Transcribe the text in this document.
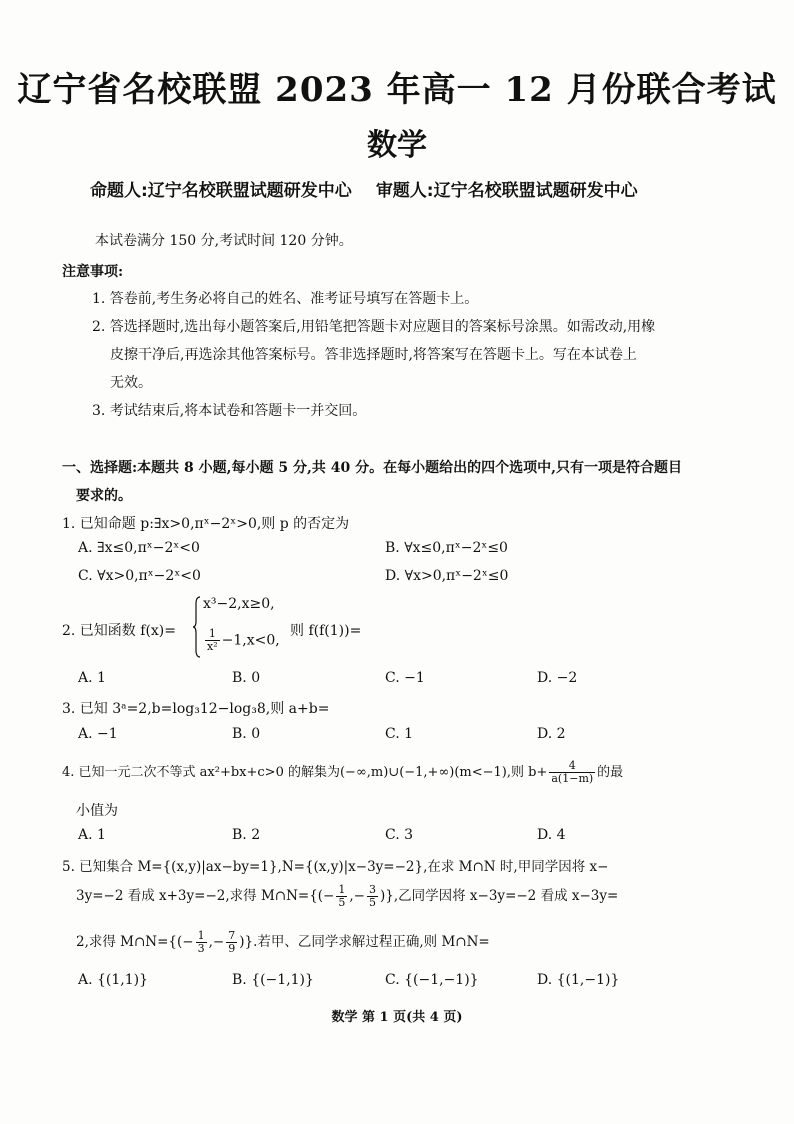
辽宁省名校联盟 2023 年高一 12 月份联合考试
数学
命题人:辽宁名校联盟试题研发中心 审题人:辽宁名校联盟试题研发中心
本试卷满分 150 分,考试时间 120 分钟。
注意事项:
1. 答卷前,考生务必将自己的姓名、准考证号填写在答题卡上。
2. 答选择题时,选出每小题答案后,用铅笔把答题卡对应题目的答案标号涂黑。如需改动,用橡
皮擦干净后,再选涂其他答案标号。答非选择题时,将答案写在答题卡上。写在本试卷上
无效。
3. 考试结束后,将本试卷和答题卡一并交回。
一、选择题:本题共 8 小题,每小题 5 分,共 40 分。在每小题给出的四个选项中,只有一项是符合题目
要求的。
1. 已知命题 p:∃x>0,πˣ−2ˣ>0,则 p 的否定为
A. ∃x≤0,πˣ−2ˣ<0	B. ∀x≤0,πˣ−2ˣ≤0
C. ∀x>0,πˣ−2ˣ<0	D. ∀x>0,πˣ−2ˣ≤0
2. 已知函数 f(x)=
x³−2,x≥0,
$\frac{1}{\text{x²}} -1,x<0$,
则 f(f(1))=
A. 1	B. 0	C. −1	D. −2
3. 已知 3ᵃ=2,b=log₃12−log₃8,则 a+b=
A. −1	B. 0	C. 1	D. 2
4. 已知一元二次不等式 ax²+bx+c>0 的解集为(−∞,m)∪(−1,+∞)(m<−1),则 $b+ \frac{4}{a(1-m)}$ 的最
小值为
A. 1	B. 2	C. 3	D. 4
5. 已知集合 M={(x,y)|ax−by=1},N={(x,y)|x−3y=−2},在求 M∩N 时,甲同学因将 x−
3y=−2 看成 x+3y=−2,求得 M∩N={(− $\frac{1}{5}$ ,− $\frac{3}{5}$ )},乙同学因将 x−3y=−2 看成 x−3y=
2,求得 M∩N={(− $\frac{1}{3}$ ,− $\frac{7}{9}$ )}.若甲、乙同学求解过程正确,则 M∩N=
A. {(1,1)}	B. {(−1,1)}	C. {(−1,−1)}	D. {(1,−1)}
数学 第 1 页(共 4 页)
